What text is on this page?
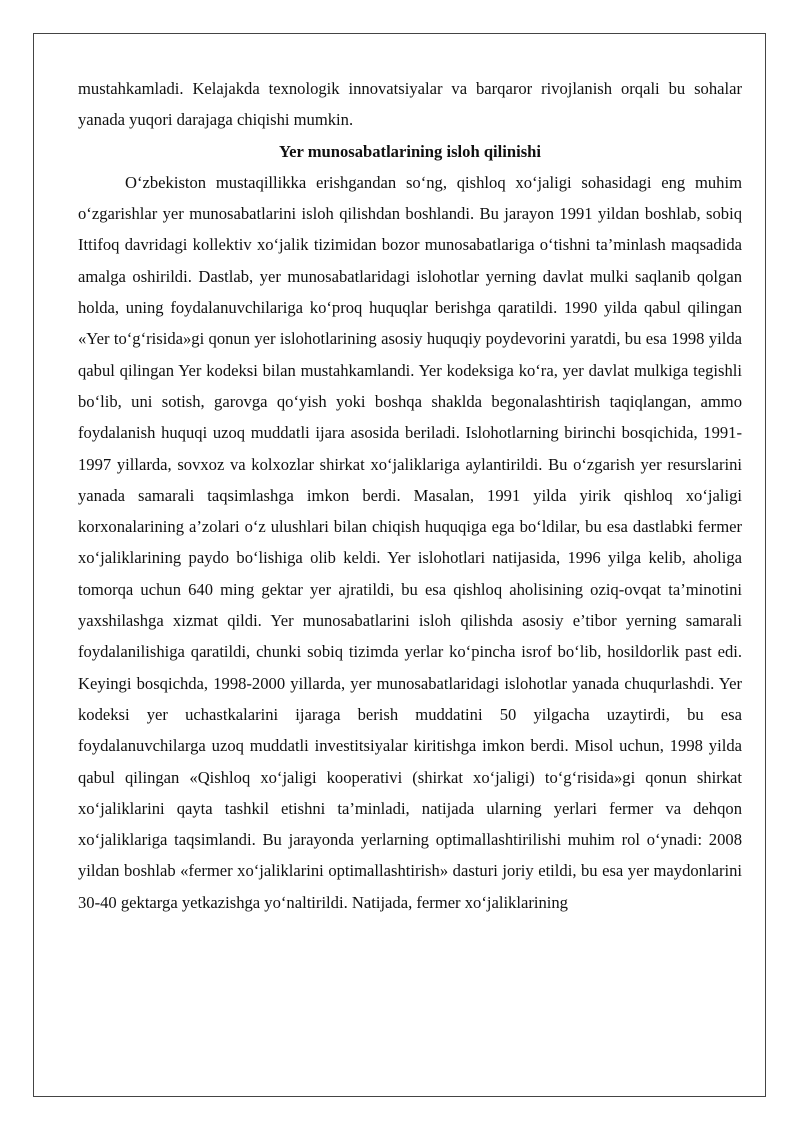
mustahkamladi. Kelajakda texnologik innovatsiyalar va barqaror rivojlanish orqali bu sohalar yanada yuqori darajaga chiqishi mumkin.

Yer munosabatlarining isloh qilinishi

O‘zbekiston mustaqillikka erishgandan so‘ng, qishloq xo‘jaligi sohasidagi eng muhim o‘zgarishlar yer munosabatlarini isloh qilishdan boshlandi. Bu jarayon 1991 yildan boshlab, sobiq Ittifoq davridagi kollektiv xo‘jalik tizimidan bozor munosabatlariga o‘tishni ta’minlash maqsadida amalga oshirildi. Dastlab, yer munosabatlaridagi islohotlar yerning davlat mulki saqlanib qolgan holda, uning foydalanuvchilariga ko‘proq huquqlar berishga qaratildi. 1990 yilda qabul qilingan «Yer to‘g‘risida»gi qonun yer islohotlarining asosiy huquqiy poydevorini yaratdi, bu esa 1998 yilda qabul qilingan Yer kodeksi bilan mustahkamlandi. Yer kodeksiga ko‘ra, yer davlat mulkiga tegishli bo‘lib, uni sotish, garovga qo‘yish yoki boshqa shaklda begonalashtirish taqiqlangan, ammo foydalanish huquqi uzoq muddatli ijara asosida beriladi. Islohotlarning birinchi bosqichida, 1991-1997 yillarda, sovxoz va kolxozlar shirkat xo‘jaliklariga aylantirildi. Bu o‘zgarish yer resurslarini yanada samarali taqsimlashga imkon berdi. Masalan, 1991 yilda yirik qishloq xo‘jaligi korxonalarining a’zolari o‘z ulushlari bilan chiqish huquqiga ega bo‘ldilar, bu esa dastlabki fermer xo‘jaliklarining paydo bo‘lishiga olib keldi. Yer islohotlari natijasida, 1996 yilga kelib, aholiga tomorqa uchun 640 ming gektar yer ajratildi, bu esa qishloq aholisining oziq-ovqat ta’minotini yaxshilashga xizmat qildi. Yer munosabatlarini isloh qilishda asosiy e’tibor yerning samarali foydalanilishiga qaratildi, chunki sobiq tizimda yerlar ko‘pincha isrof bo‘lib, hosildorlik past edi. Keyingi bosqichda, 1998-2000 yillarda, yer munosabatlaridagi islohotlar yanada chuqurlashdi. Yer kodeksi yer uchastkalarini ijaraga berish muddatini 50 yilgacha uzaytirdi, bu esa foydalanuvchilarga uzoq muddatli investitsiyalar kiritishga imkon berdi. Misol uchun, 1998 yilda qabul qilingan «Qishloq xo‘jaligi kooperativi (shirkat xo‘jaligi) to‘g‘risida»gi qonun shirkat xo‘jaliklarini qayta tashkil etishni ta’minladi, natijada ularning yerlari fermer va dehqon xo‘jaliklariga taqsimlandi. Bu jarayonda yerlarning optimallashtirilishi muhim rol o‘ynadi: 2008 yildan boshlab «fermer xo‘jaliklarini optimallashtirish» dasturi joriy etildi, bu esa yer maydonlarini 30-40 gektarga yetkazishga yo‘naltirildi. Natijada, fermer xo‘jaliklarining
